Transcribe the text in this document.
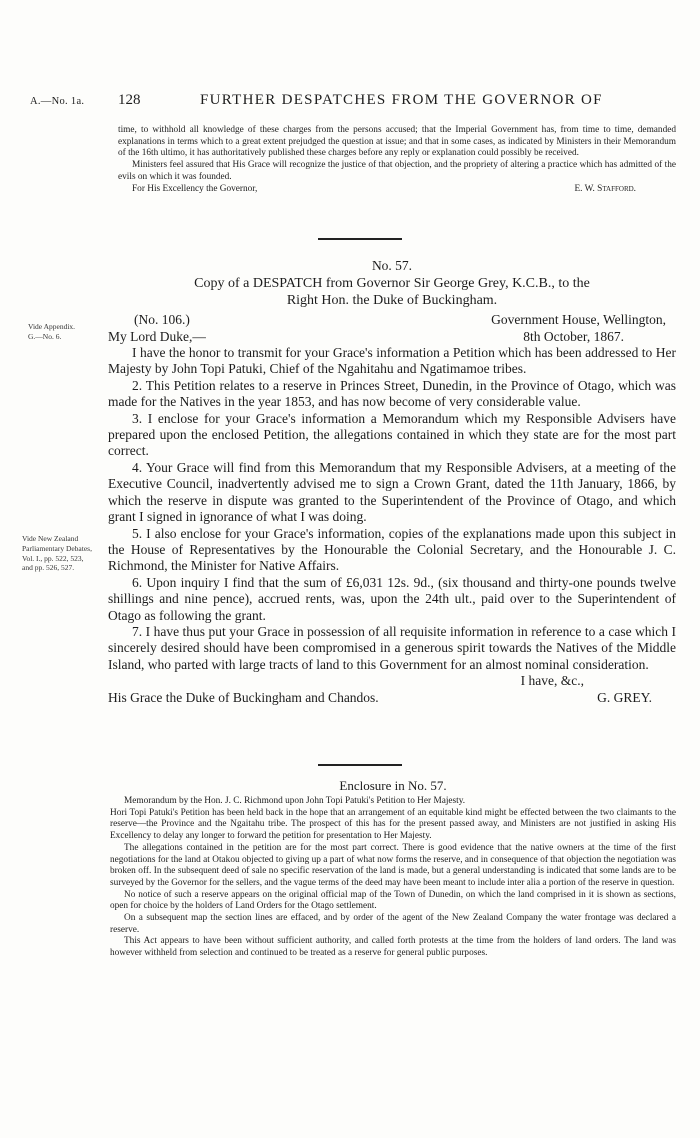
A.—No. 1a. 128	FURTHER DESPATCHES FROM THE GOVERNOR OF

time, to withhold all knowledge of these charges from the persons accused; that the Imperial Government has, from time to time, demanded explanations in terms which to a great extent prejudged the question at issue; and that in some cases, as indicated by Ministers in their Memorandum of the 16th ultimo, it has authoritatively published these charges before any reply or explanation could possibly be received.

Ministers feel assured that His Grace will recognize the justice of that objection, and the propriety of altering a practice which has admitted of the evils on which it was founded.

For His Excellency the Governor,	E. W. Stafford.
No. 57.
Copy of a DESPATCH from Governor Sir George Grey, K.C.B., to the
Right Hon. the Duke of Buckingham.
(No. 106.)	Government House, Wellington,
My Lord Duke,—	8th October, 1867.

I have the honor to transmit for your Grace's information a Petition which has been addressed to Her Majesty by John Topi Patuki, Chief of the Ngahitahu and Ngatimamoe tribes.

2. This Petition relates to a reserve in Princes Street, Dunedin, in the Province of Otago, which was made for the Natives in the year 1853, and has now become of very considerable value.

3. I enclose for your Grace's information a Memorandum which my Responsible Advisers have prepared upon the enclosed Petition, the allegations contained in which they state are for the most part correct.

4. Your Grace will find from this Memorandum that my Responsible Advisers, at a meeting of the Executive Council, inadvertently advised me to sign a Crown Grant, dated the 11th January, 1866, by which the reserve in dispute was granted to the Superintendent of the Province of Otago, and which grant I signed in ignorance of what I was doing.

5. I also enclose for your Grace's information, copies of the explanations made upon this subject in the House of Representatives by the Honourable the Colonial Secretary, and the Honourable J. C. Richmond, the Minister for Native Affairs.

6. Upon inquiry I find that the sum of £6,031 12s. 9d., (six thousand and thirty-one pounds twelve shillings and nine pence), accrued rents, was, upon the 24th ult., paid over to the Superintendent of Otago as following the grant.

7. I have thus put your Grace in possession of all requisite information in reference to a case which I sincerely desired should have been compromised in a generous spirit towards the Natives of the Middle Island, who parted with large tracts of land to this Government for an almost nominal consideration.

I have, &c.,
His Grace the Duke of Buckingham and Chandos.	G. GREY.
Vide Appendix. G.—No. 6.
Vide New Zealand Parliamentary Debates, Vol. I., pp. 522, 523, and pp. 526, 527.
Enclosure in No. 57.

Memorandum by the Hon. J. C. Richmond upon John Topi Patuki's Petition to Her Majesty.

Hori Topi Patuki's Petition has been held back in the hope that an arrangement of an equitable kind might be effected between the two claimants to the reserve—the Province and the Ngaitahu tribe. The prospect of this has for the present passed away, and Ministers are not justified in asking His Excellency to delay any longer to forward the petition for presentation to Her Majesty.

The allegations contained in the petition are for the most part correct. There is good evidence that the native owners at the time of the first negotiations for the land at Otakou objected to giving up a part of what now forms the reserve, and in consequence of that objection the negotiation was broken off. In the subsequent deed of sale no specific reservation of the land is made, but a general understanding is indicated that some lands are to be surveyed by the Governor for the sellers, and the vague terms of the deed may have been meant to include inter alia a portion of the reserve in question.

No notice of such a reserve appears on the original official map of the Town of Dunedin, on which the land comprised in it is shown as sections, open for choice by the holders of Land Orders for the Otago settlement.

On a subsequent map the section lines are effaced, and by order of the agent of the New Zealand Company the water frontage was declared a reserve.

This Act appears to have been without sufficient authority, and called forth protests at the time from the holders of land orders. The land was however withheld from selection and continued to be treated as a reserve for general public purposes.
